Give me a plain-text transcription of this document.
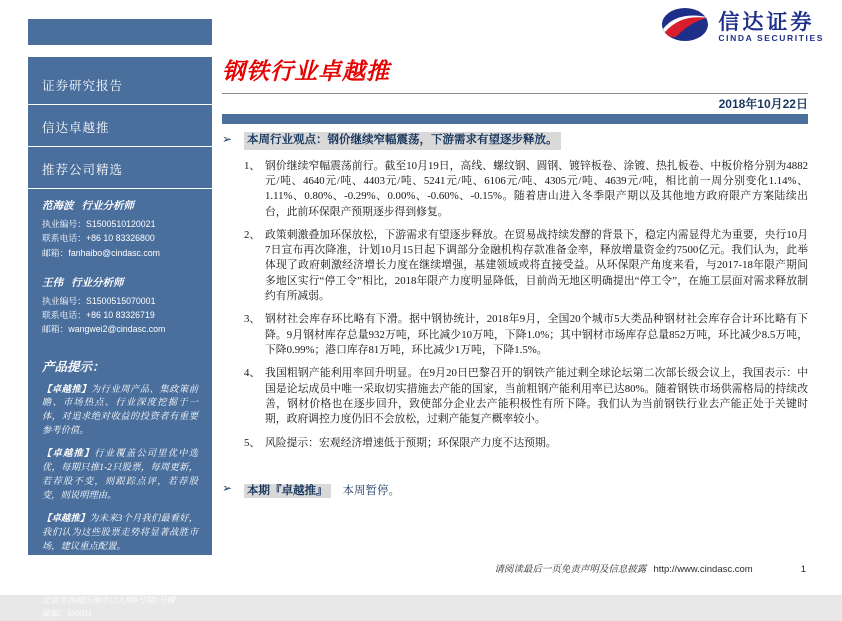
信达证券
CINDA SECURITIES
证券研究报告
信达卓越推
推荐公司精选
范海波 行业分析师
执业编号：S1500510120021
联系电话：+86 10 83326800
邮箱：fanhaibo@cindasc.com
王伟 行业分析师
执业编号：S1500515070001
联系电话：+86 10 83326719
邮箱：wangwei2@cindasc.com
产品提示：
【卓越推】为行业周产品、集政策前瞻、市场热点、行业深度挖掘于一体，对追求绝对收益的投资者有重要参考价值。
【卓越推】行业覆盖公司里优中选优，每期只推1-2只股票，每周更新，若荐股不变，则跟踪点评，若荐股变，则说明理由。
【卓越推】为未来3个月我们最看好，我们认为这些股票走势将显著战胜市场，建议重点配置。
信达证券股份有限公司
CINDA SECURITIES CO.,LTD
北京市西城区闹市口大街9号院1号楼
邮编：100031
钢铁行业卓越推
2018年10月22日
➢	本周行业观点：钢价继续窄幅震荡，下游需求有望逐步释放。
1、 钢价继续窄幅震荡前行。截至10月19日，高线、螺纹钢、圆钢、镀锌板卷、涂镀、热扎板卷、中板价格分别为4882元/吨、4640元/吨、4403元/吨、5241元/吨、6106元/吨、4305元/吨、4639元/吨，相比前一周分别变化1.14%、1.11%、0.80%、-0.29%、0.00%、-0.60%、-0.15%。随着唐山进入冬季限产期以及其他地方政府限产方案陆续出台，此前环保限产预期逐步得到修复。
2、 政策刺激叠加环保放松，下游需求有望逐步释放。在贸易战持续发酵的背景下，稳定内需显得尤为重要，央行10月7日宣布再次降准，计划10月15日起下调部分金融机构存款准备金率，释放增量资金约7500亿元。我们认为，此举体现了政府刺激经济增长力度在继续增强，基建领域或将直接受益。从环保限产角度来看，与2017-18年限产期间多地区实行“停工令”相比，2018年限产力度明显降低，目前尚无地区明确提出“停工令”，在施工层面对需求释放制约有所减弱。
3、 钢材社会库存环比略有下滑。据中钢协统计，2018年9月，全国20个城市5大类品种钢材社会库存合计环比略有下降。9月钢材库存总量932万吨，环比减少10万吨，下降1.0%；其中钢材市场库存总量852万吨，环比减少8.5万吨，下降0.99%；港口库存81万吨，环比减少1万吨，下降1.5%。
4、 我国粗钢产能利用率回升明显。在9月20日巴黎召开的钢铁产能过剩全球论坛第二次部长级会议上，我国表示：中国是论坛成员中唯一采取切实措施去产能的国家，当前粗钢产能利用率已达80%。随着钢铁市场供需格局的持续改善，钢材价格也在逐步回升，致使部分企业去产能积极性有所下降。我们认为当前钢铁行业去产能正处于关键时期，政府调控力度仍旧不会放松，过剩产能复产概率较小。
5、 风险提示：宏观经济增速低于预期；环保限产力度不达预期。
➢	本期『卓越推』 本周暂停。
请阅读最后一页免责声明及信息披露 http://www.cindasc.com	1
